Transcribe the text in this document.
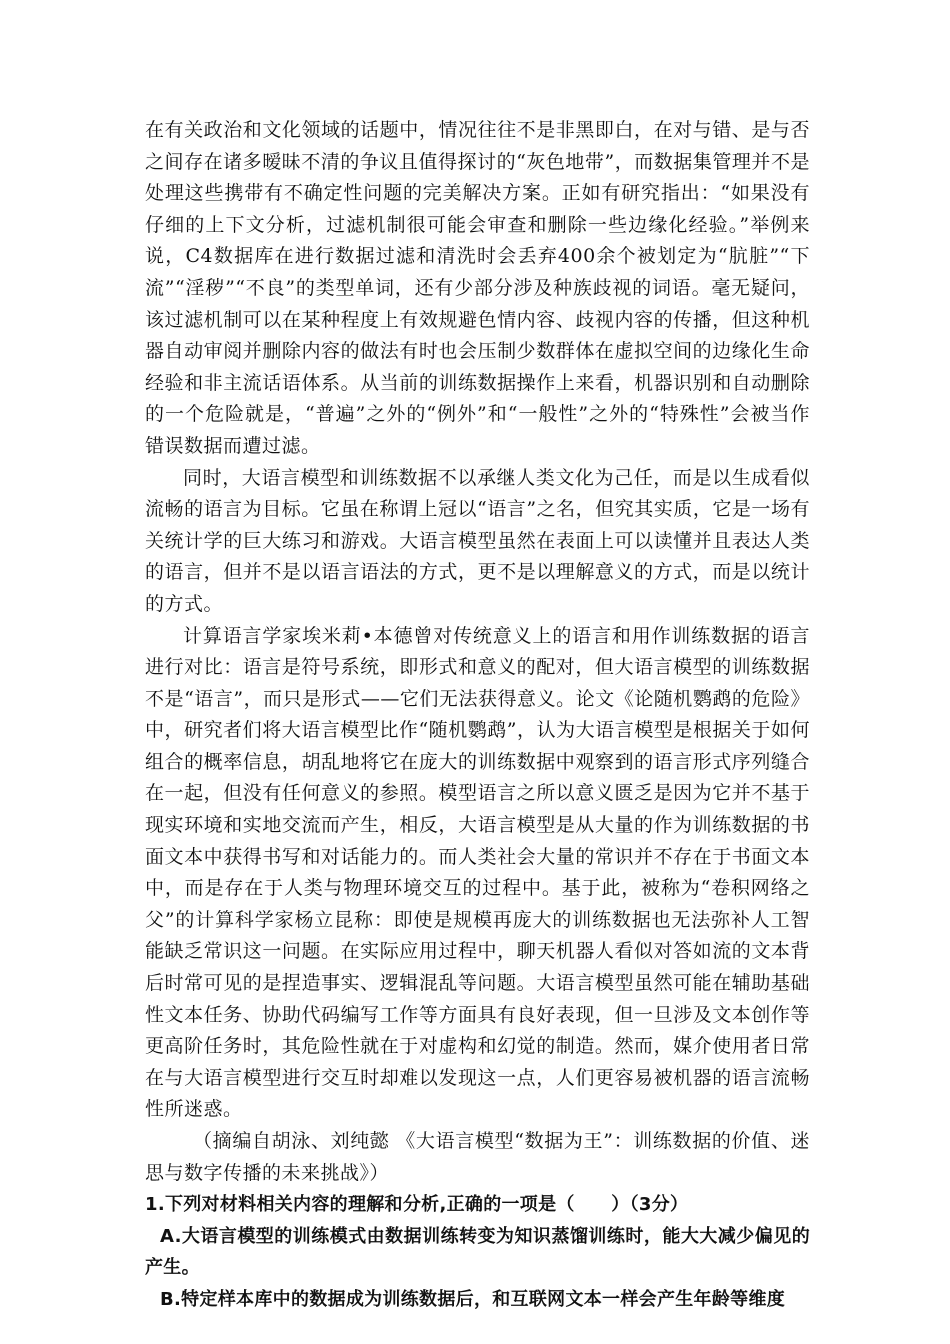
在有关政治和文化领域的话题中，情况往往不是非黑即白，在对与错、是与否之间存在诸多暧昧不清的争议且值得探讨的“灰色地带”，而数据集管理并不是处理这些携带有不确定性问题的完美解决方案。正如有研究指出：“如果没有仔细的上下文分析，过滤机制很可能会审查和删除一些边缘化经验。”举例来说，C4数据库在进行数据过滤和清洗时会丢弃400余个被划定为“肮脏”“下流”“淫秽”“不良”的类型单词，还有少部分涉及种族歧视的词语。毫无疑问，该过滤机制可以在某种程度上有效规避色情内容、歧视内容的传播，但这种机器自动审阅并删除内容的做法有时也会压制少数群体在虚拟空间的边缘化生命经验和非主流话语体系。从当前的训练数据操作上来看，机器识别和自动删除的一个危险就是，“普遍”之外的“例外”和“一般性”之外的“特殊性”会被当作错误数据而遭过滤。

同时，大语言模型和训练数据不以承继人类文化为己任，而是以生成看似流畅的语言为目标。它虽在称谓上冠以“语言”之名，但究其实质，它是一场有关统计学的巨大练习和游戏。大语言模型虽然在表面上可以读懂并且表达人类的语言，但并不是以语言语法的方式，更不是以理解意义的方式，而是以统计的方式。

计算语言学家埃米莉•本德曾对传统意义上的语言和用作训练数据的语言进行对比：语言是符号系统，即形式和意义的配对，但大语言模型的训练数据不是“语言”，而只是形式——它们无法获得意义。论文《论随机鹦鹉的危险》中，研究者们将大语言模型比作“随机鹦鹉”，认为大语言模型是根据关于如何组合的概率信息，胡乱地将它在庞大的训练数据中观察到的语言形式序列缝合在一起，但没有任何意义的参照。模型语言之所以意义匮乏是因为它并不基于现实环境和实地交流而产生，相反，大语言模型是从大量的作为训练数据的书面文本中获得书写和对话能力的。而人类社会大量的常识并不存在于书面文本中，而是存在于人类与物理环境交互的过程中。基于此，被称为“卷积网络之父”的计算科学家杨立昆称：即使是规模再庞大的训练数据也无法弥补人工智能缺乏常识这一问题。在实际应用过程中，聊天机器人看似对答如流的文本背后时常可见的是捏造事实、逻辑混乱等问题。大语言模型虽然可能在辅助基础性文本任务、协助代码编写工作等方面具有良好表现，但一旦涉及文本创作等更高阶任务时，其危险性就在于对虚构和幻觉的制造。然而，媒介使用者日常在与大语言模型进行交互时却难以发现这一点，人们更容易被机器的语言流畅性所迷惑。

（摘编自胡泳、刘纯懿 《大语言模型“数据为王”：训练数据的价值、迷思与数字传播的未来挑战》）

1.下列对材料相关内容的理解和分析,正确的一项是（　　）（3分）

A.大语言模型的训练模式由数据训练转变为知识蒸馏训练时，能大大减少偏见的产生。

B.特定样本库中的数据成为训练数据后，和互联网文本一样会产生年龄等维度
